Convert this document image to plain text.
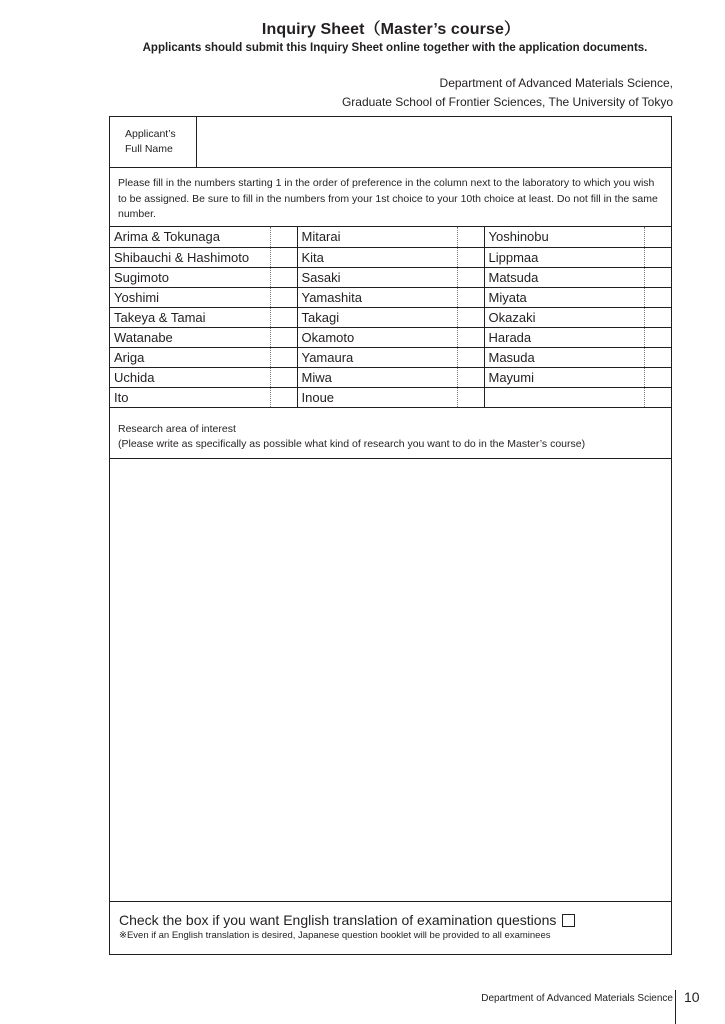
Inquiry Sheet（Master’s course）
Applicants should submit this Inquiry Sheet online together with the application documents.
Department of Advanced Materials Science,
Graduate School of Frontier Sciences, The University of Tokyo
Applicant’s
Full Name
Please fill in the numbers starting 1 in the order of preference in the column next to the laboratory to which you wish to be assigned. Be sure to fill in the numbers from your 1st choice to your 10th choice at least. Do not fill in the same number.
Arima & Tokunaga		Mitarai		Yoshinobu	
Shibauchi & Hashimoto		Kita		Lippmaa	
Sugimoto		Sasaki		Matsuda	
Yoshimi		Yamashita		Miyata	
Takeya & Tamai		Takagi		Okazaki	
Watanabe		Okamoto		Harada	
Ariga		Yamaura		Masuda	
Uchida		Miwa		Mayumi	
Ito		Inoue			
Research area of interest
(Please write as specifically as possible what kind of research you want to do in the Master’s course)
Check the box if you want English translation of examination questions
※Even if an English translation is desired, Japanese question booklet will be provided to all examinees
Department of Advanced Materials Science 10
